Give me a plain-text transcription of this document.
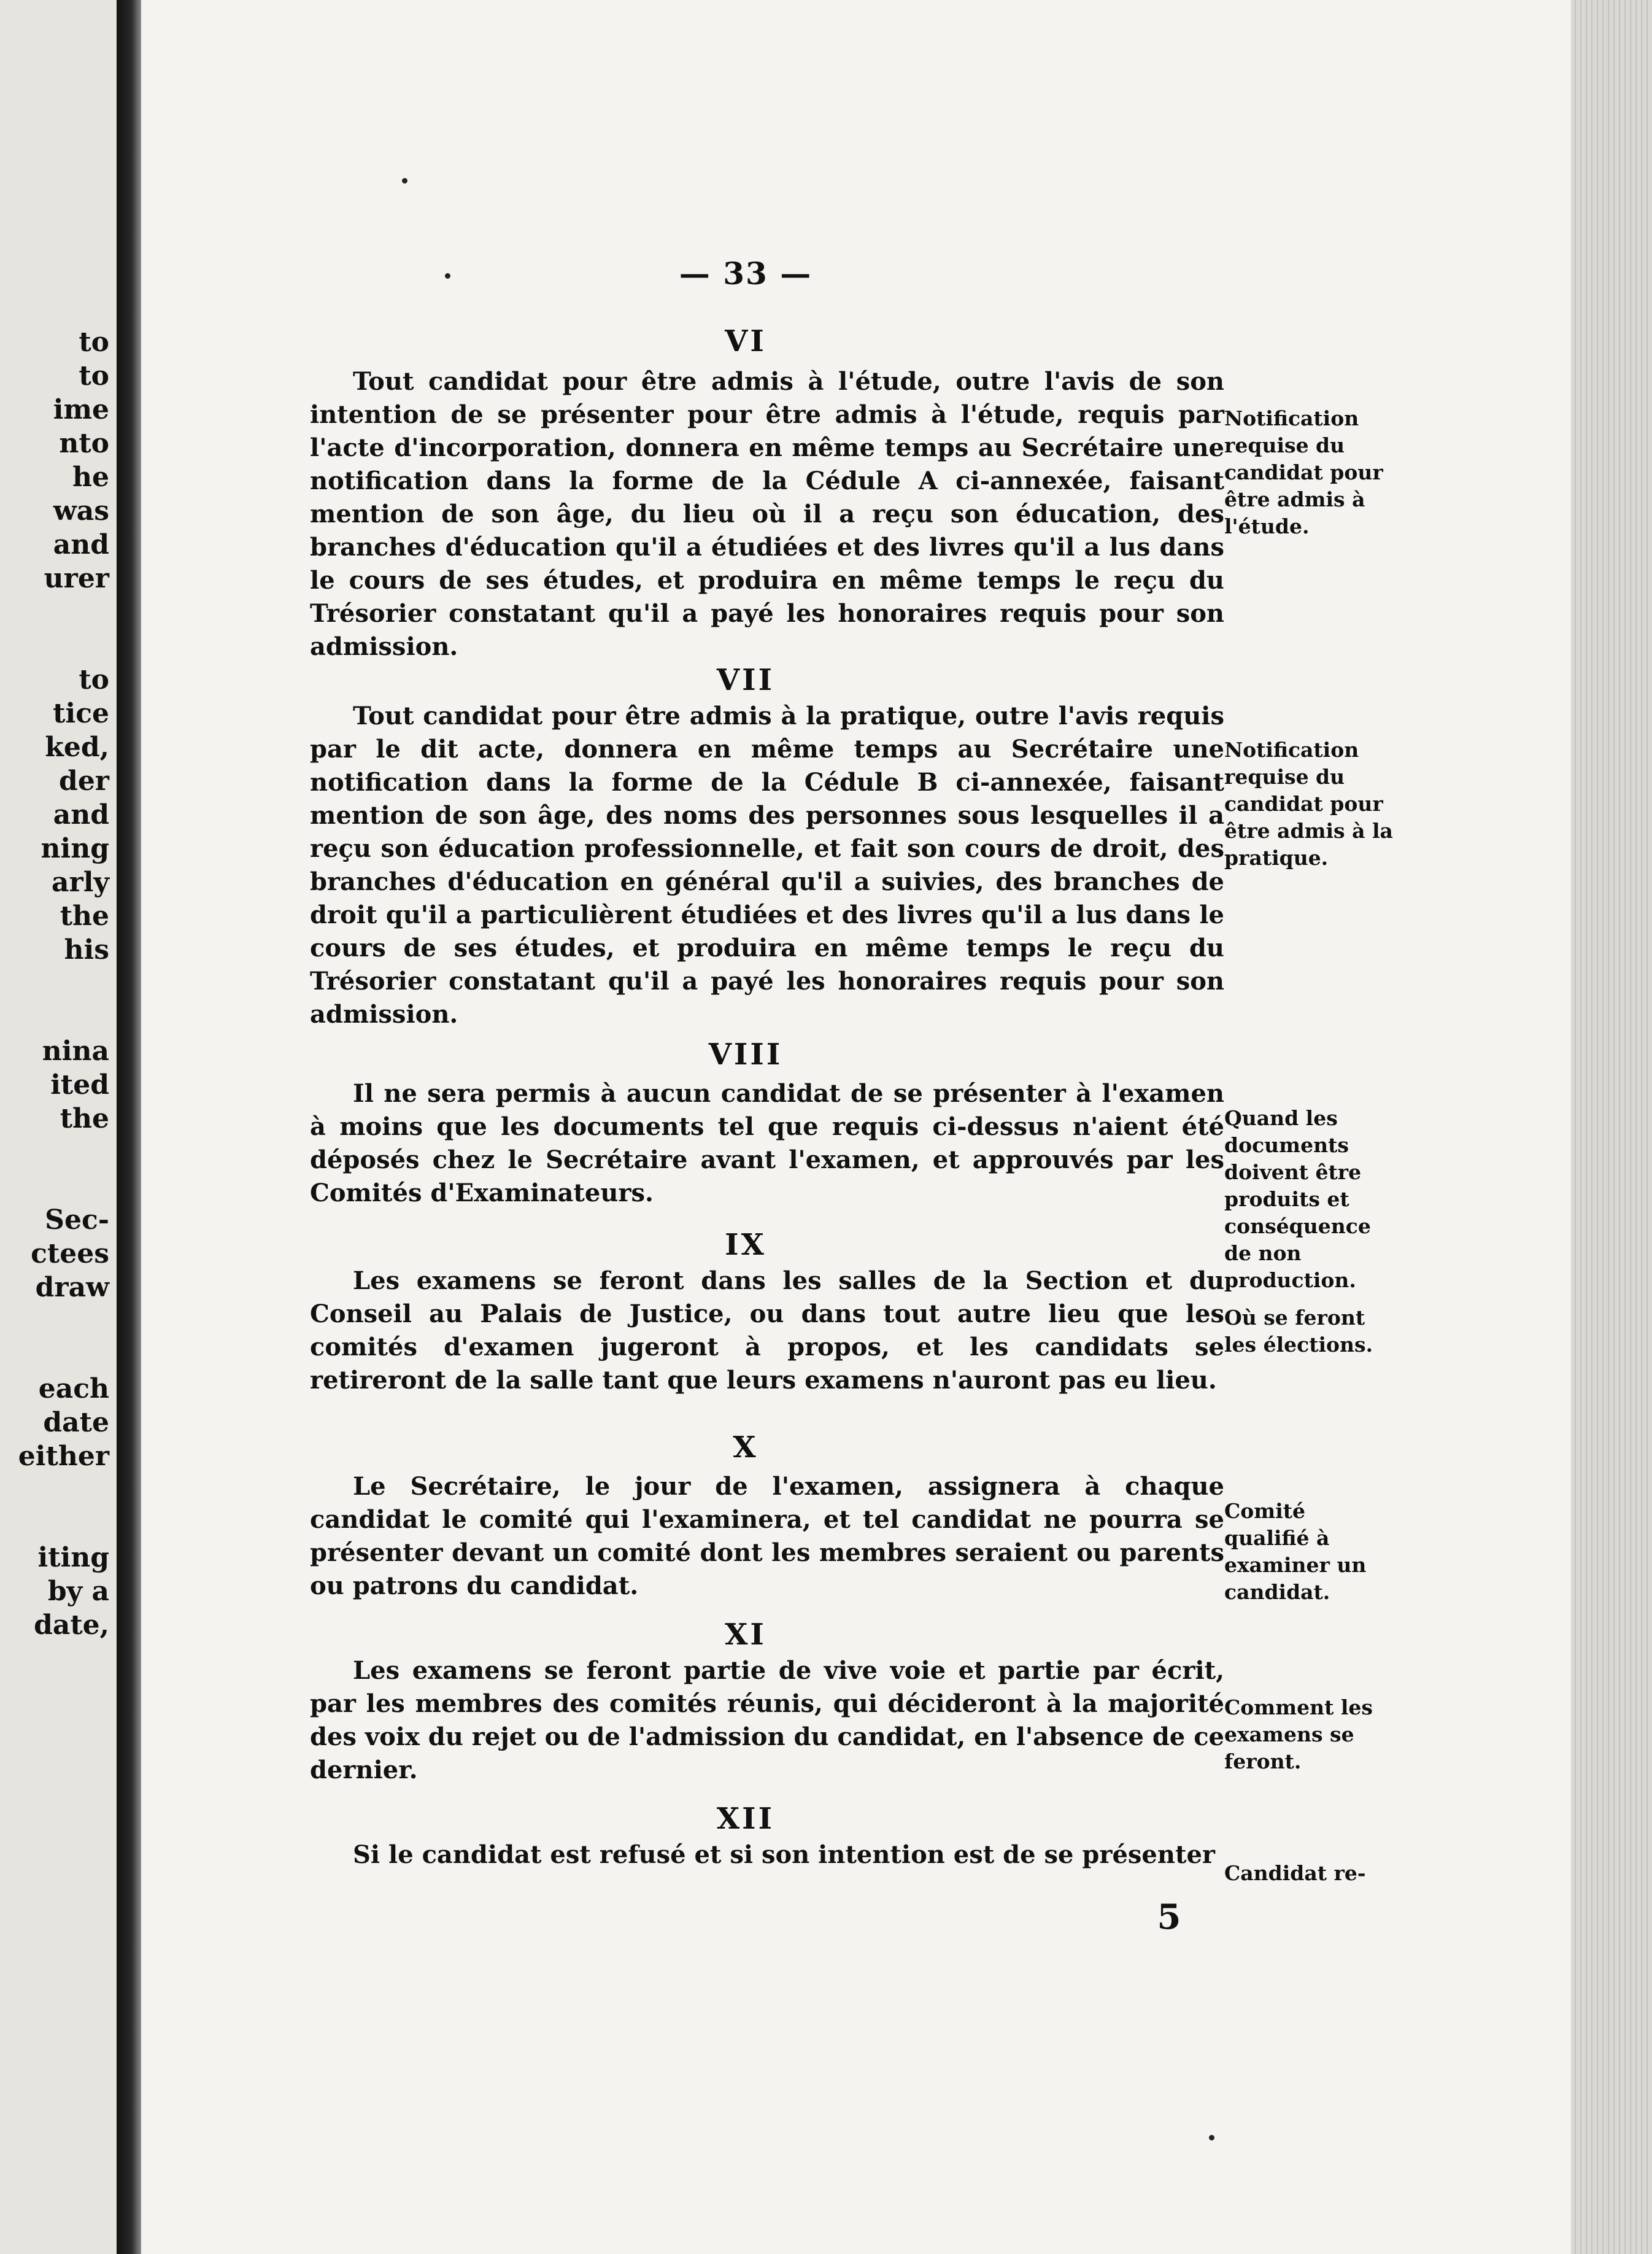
to
to
ime
nto
he
was
and
urer
to
tice
ked,
der
and
ning
arly
the
his
nina
ited
the
Sec-
ctees
draw
each
date
either
iting
by a
date,
— 33 —
VI
Tout candidat pour être admis à l'étude, outre l'avis de son intention de se présenter pour être admis à l'étude, requis par l'acte d'incorporation, donnera en même temps au Secrétaire une notification dans la forme de la Cédule A ci-annexée, faisant mention de son âge, du lieu où il a reçu son éducation, des branches d'éducation qu'il a étudiées et des livres qu'il a lus dans le cours de ses études, et produira en même temps le reçu du Trésorier constatant qu'il a payé les honoraires requis pour son admission.
Notification requise du candidat pour être admis à l'étude.
VII
Tout candidat pour être admis à la pratique, outre l'avis requis par le dit acte, donnera en même temps au Secrétaire une notification dans la forme de la Cédule B ci-annexée, faisant mention de son âge, des noms des personnes sous lesquelles il a reçu son éducation professionnelle, et fait son cours de droit, des branches d'éducation en général qu'il a suivies, des branches de droit qu'il a particulièrent étudiées et des livres qu'il a lus dans le cours de ses études, et produira en même temps le reçu du Trésorier constatant qu'il a payé les honoraires requis pour son admission.
Notification requise du candidat pour être admis à la pratique.
VIII
Il ne sera permis à aucun candidat de se présenter à l'examen à moins que les documents tel que requis ci-dessus n'aient été déposés chez le Secrétaire avant l'examen, et approuvés par les Comités d'Examinateurs.
Quand les documents doivent être produits et conséquence de non production.
IX
Les examens se feront dans les salles de la Section et du Conseil au Palais de Justice, ou dans tout autre lieu que les comités d'examen jugeront à propos, et les candidats se retireront de la salle tant que leurs examens n'auront pas eu lieu.
Où se feront les élections.
X
Le Secrétaire, le jour de l'examen, assignera à chaque candidat le comité qui l'examinera, et tel candidat ne pourra se présenter devant un comité dont les membres seraient ou parents ou patrons du candidat.
Comité qualifié à examiner un candidat.
XI
Les examens se feront partie de vive voie et partie par écrit, par les membres des comités réunis, qui décideront à la majorité des voix du rejet ou de l'admission du candidat, en l'absence de ce dernier.
Comment les examens se feront.
XII
Si le candidat est refusé et si son intention est de se présenter
Candidat re-
5
